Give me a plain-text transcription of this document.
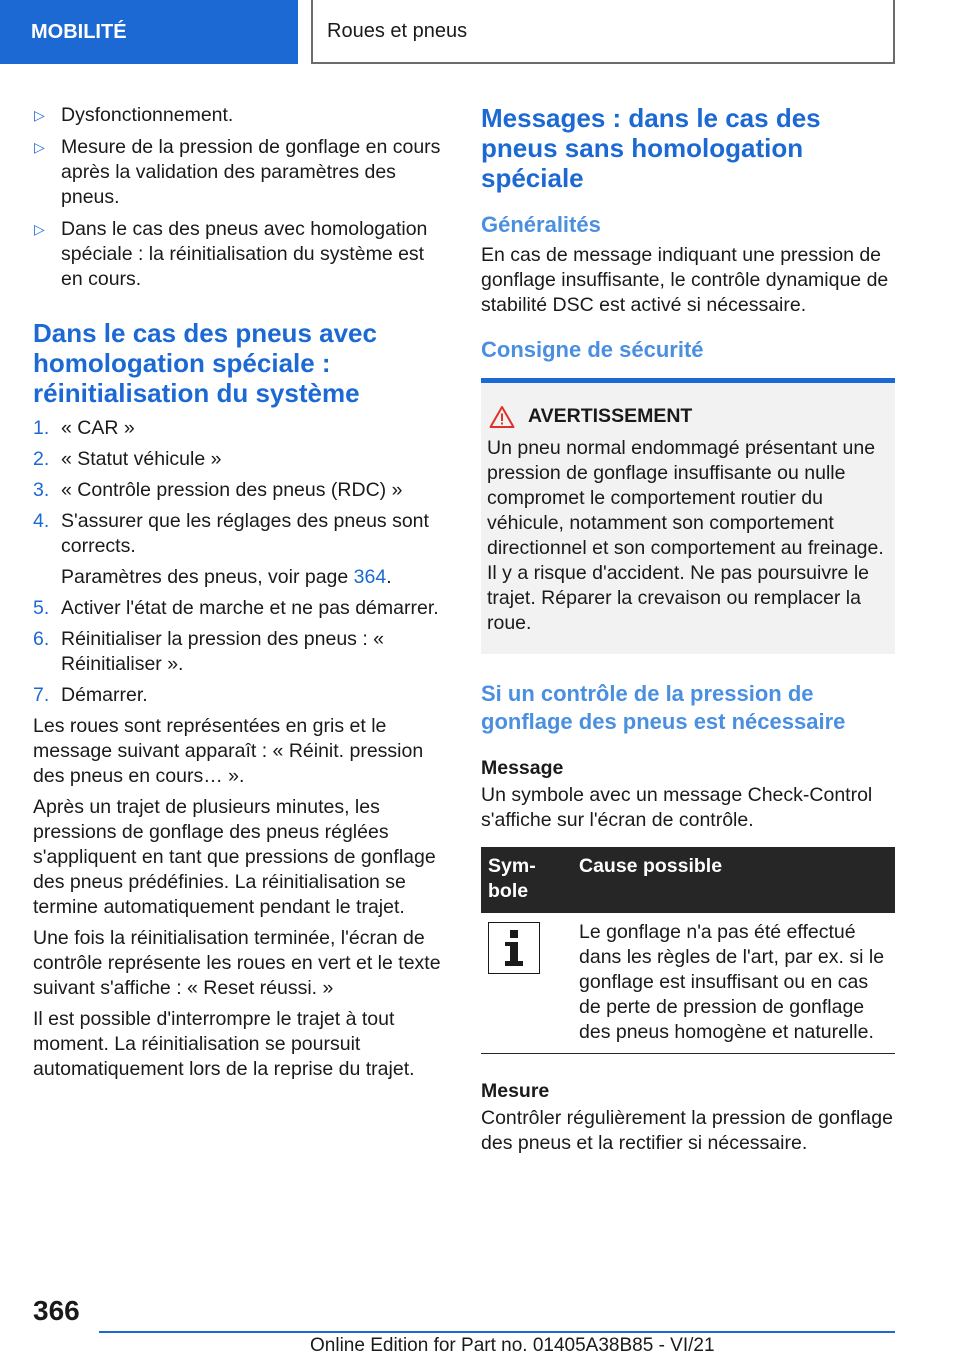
MOBILITÉ	Roues et pneus
▷ Dysfonctionnement.
▷ Mesure de la pression de gonflage en cours après la validation des paramètres des pneus.
▷ Dans le cas des pneus avec homologation spéciale : la réinitialisation du système est en cours.
Dans le cas des pneus avec homologation spéciale : réinitialisation du système
1. « CAR »
2. « Statut véhicule »
3. « Contrôle pression des pneus (RDC) »
4. S'assurer que les réglages des pneus sont corrects.
Paramètres des pneus, voir page 364.
5. Activer l'état de marche et ne pas démarrer.
6. Réinitialiser la pression des pneus : « Réinitialiser ».
7. Démarrer.

Les roues sont représentées en gris et le message suivant apparaît : « Réinit. pression des pneus en cours… ».

Après un trajet de plusieurs minutes, les pressions de gonflage des pneus réglées s'appliquent en tant que pressions de gonflage des pneus prédéfinies. La réinitialisation se termine automatiquement pendant le trajet.

Une fois la réinitialisation terminée, l'écran de contrôle représente les roues en vert et le texte suivant s'affiche : « Reset réussi. »

Il est possible d'interrompre le trajet à tout moment. La réinitialisation se poursuit automatiquement lors de la reprise du trajet.

Messages : dans le cas des pneus sans homologation spéciale
Généralités

En cas de message indiquant une pression de gonflage insuffisante, le contrôle dynamique de stabilité DSC est activé si nécessaire.

Consigne de sécurité
AVERTISSEMENT
Un pneu normal endommagé présentant une pression de gonflage insuffisante ou nulle compromet le comportement routier du véhicule, notamment son comportement directionnel et son comportement au freinage. Il y a risque d'accident. Ne pas poursuivre le trajet. Réparer la crevaison ou remplacer la roue.
Si un contrôle de la pression de gonflage des pneus est nécessaire
Message

Un symbole avec un message Check-Control s'affiche sur l'écran de contrôle.

Sym-bole	Cause possible

	Le gonflage n'a pas été effectué dans les règles de l'art, par ex. si le gonflage est insuffisant ou en cas de perte de pression de gonflage des pneus homogène et naturelle.
Mesure

Contrôler régulièrement la pression de gonflage des pneus et la rectifier si nécessaire.

366
Online Edition for Part no. 01405A38B85 - VI/21
